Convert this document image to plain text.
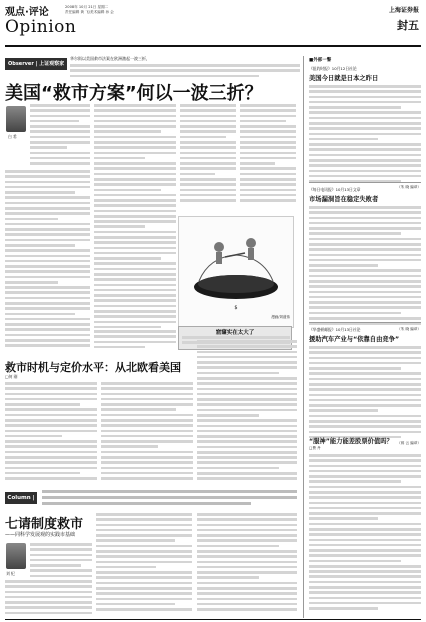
观点·评论
Opinion
2008年 10月 21日 星期二
责任编辑 黄 飞/美术编辑 孙 会	上海证券报
封五
Observer | 上证观察家
华尔街以美国救市法案在欧洲激起一波三折，
美国“救市方案”何以一波三折？
白 希
$
漫画/刘道伟
窟窿实在太大了
救市时机与定价水平：从北欧看美国
□何 刚
Column | 专栏
七请制度救市
——同科学发展观的实践市基础
刘 纪
■外部一瞥
《纽约时报》10月12日社论
美国今日就是日本之昨日
（朱 晓 编译）
《每日电讯报》10月13日文章
市场漏洞旨在稳定失败者
（朱 晓 编译）
《华盛顿邮报》10月13日社论
援助汽车产业与“依靠自由竞争”
（蒋 云 编译）
“服神”能力能差股票价值吗？
□费 丹
